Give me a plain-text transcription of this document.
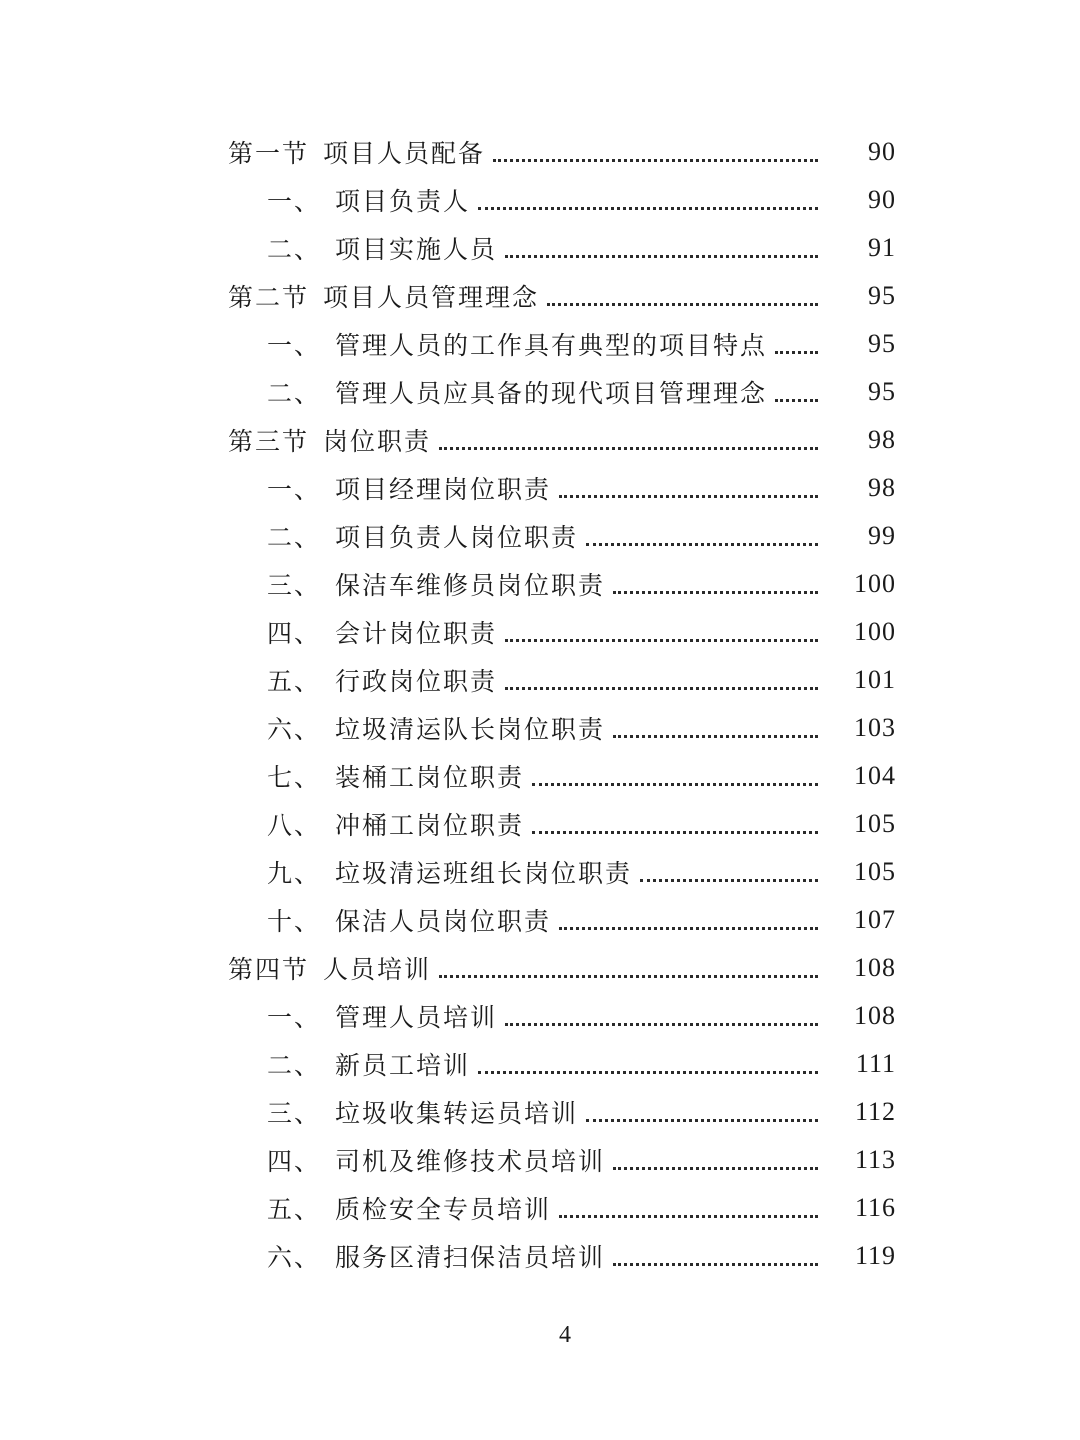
第一节 项目人员配备	90
一、 项目负责人	90
二、 项目实施人员	91
第二节 项目人员管理理念	95
一、 管理人员的工作具有典型的项目特点	95
二、 管理人员应具备的现代项目管理理念	95
第三节 岗位职责	98
一、 项目经理岗位职责	98
二、 项目负责人岗位职责	99
三、 保洁车维修员岗位职责	100
四、 会计岗位职责	100
五、 行政岗位职责	101
六、 垃圾清运队长岗位职责	103
七、 装桶工岗位职责	104
八、 冲桶工岗位职责	105
九、 垃圾清运班组长岗位职责	105
十、 保洁人员岗位职责	107
第四节 人员培训	108
一、 管理人员培训	108
二、 新员工培训	111
三、 垃圾收集转运员培训	112
四、 司机及维修技术员培训	113
五、 质检安全专员培训	116
六、 服务区清扫保洁员培训	119
4
